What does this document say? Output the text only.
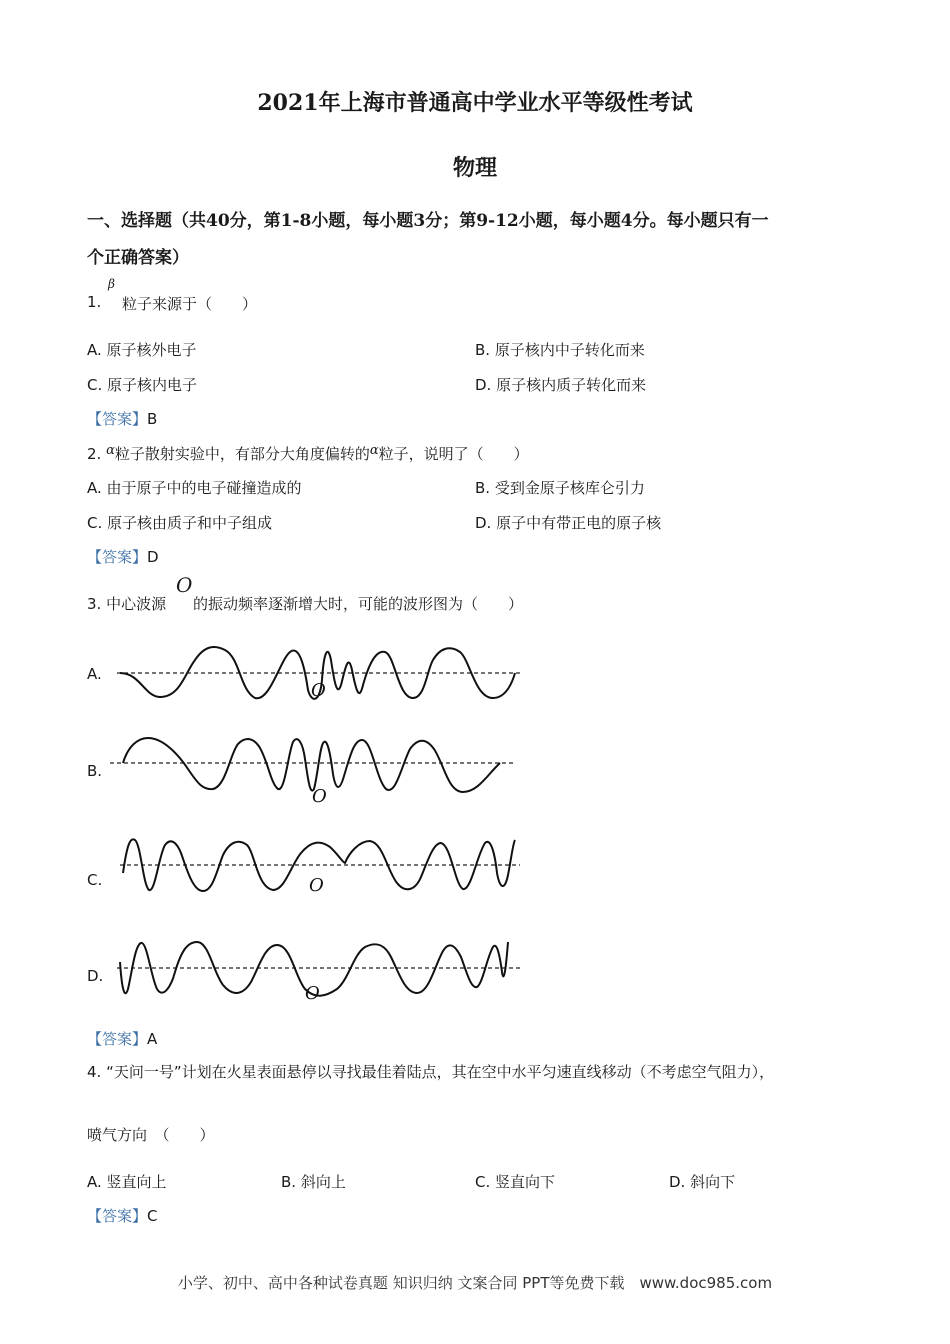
2021年上海市普通高中学业水平等级性考试
物理
一、选择题（共40分，第1-8小题，每小题3分；第9-12小题，每小题4分。每小题只有一
个正确答案）
1.
β
粒子来源于（　　）
A. 原子核外电子	B. 原子核内中子转化而来
C. 原子核内电子	D. 原子核内质子转化而来
【答案】B
2. α粒子散射实验中，有部分大角度偏转的α粒子，说明了（　　）
A. 由于原子中的电子碰撞造成的	B. 受到金原子核库仑引力
C. 原子核由质子和中子组成	D. 原子中有带正电的原子核
【答案】D
3. 中心波源
O
的振动频率逐渐增大时，可能的波形图为（　　）
A.
B.
C.
D.
O
O
O
O
【答案】A
4. “天问一号”计划在火星表面悬停以寻找最佳着陆点，其在空中水平匀速直线移动（不考虑空气阻力），
喷气方向　（　　）
A. 竖直向上	B. 斜向上	C. 竖直向下	D. 斜向下
【答案】C
小学、初中、高中各种试卷真题 知识归纳 文案合同 PPT等免费下载　www.doc985.com
